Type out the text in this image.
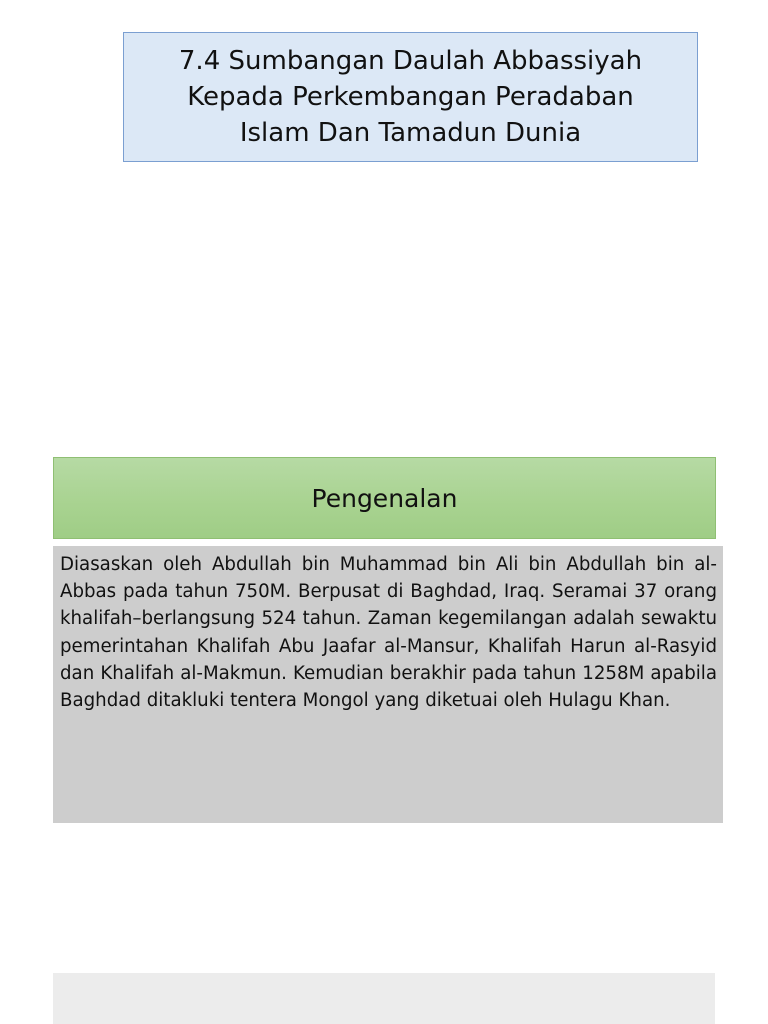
7.4 Sumbangan Daulah Abbassiyah
Kepada Perkembangan Peradaban
Islam Dan Tamadun Dunia
Pengenalan
Diasaskan oleh Abdullah bin Muhammad bin Ali bin Abdullah bin al-Abbas pada tahun 750M. Berpusat di Baghdad, Iraq. Seramai 37 orang khalifah–berlangsung 524 tahun. Zaman kegemilangan adalah sewaktu pemerintahan Khalifah Abu Jaafar al-Mansur, Khalifah Harun al-Rasyid dan Khalifah al-Makmun. Kemudian berakhir pada tahun 1258M apabila Baghdad ditakluki tentera Mongol yang diketuai oleh Hulagu Khan.
